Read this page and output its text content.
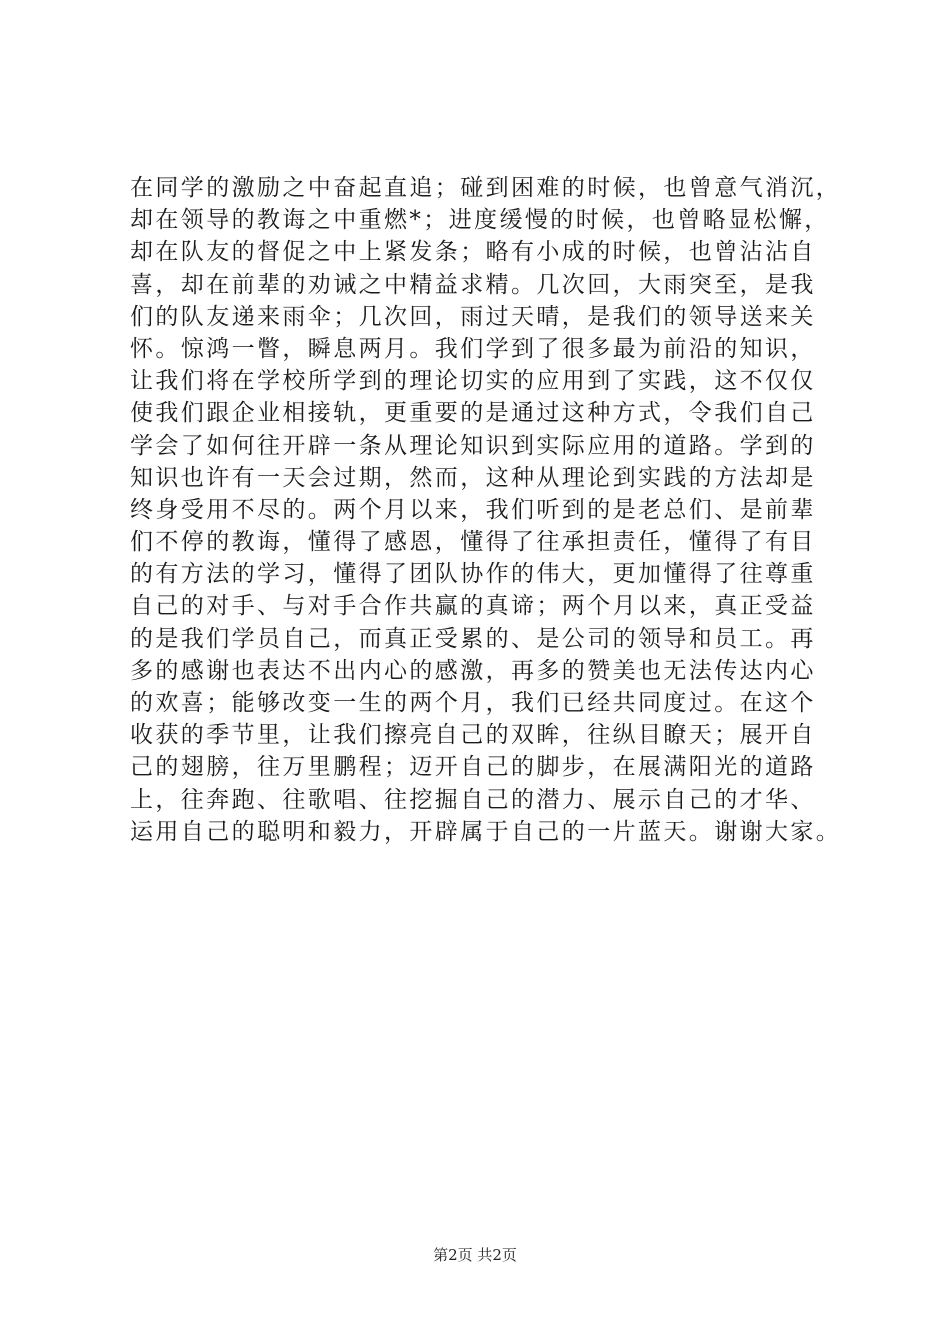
在同学的激励之中奋起直追；碰到困难的时候，也曾意气消沉，
却在领导的教诲之中重燃*；进度缓慢的时候，也曾略显松懈，
却在队友的督促之中上紧发条；略有小成的时候，也曾沾沾自
喜，却在前辈的劝诫之中精益求精。几次回，大雨突至，是我
们的队友递来雨伞；几次回，雨过天晴，是我们的领导送来关
怀。惊鸿一瞥，瞬息两月。我们学到了很多最为前沿的知识，
让我们将在学校所学到的理论切实的应用到了实践，这不仅仅
使我们跟企业相接轨，更重要的是通过这种方式，令我们自己
学会了如何往开辟一条从理论知识到实际应用的道路。学到的
知识也许有一天会过期，然而，这种从理论到实践的方法却是
终身受用不尽的。两个月以来，我们听到的是老总们、是前辈
们不停的教诲，懂得了感恩，懂得了往承担责任，懂得了有目
的有方法的学习，懂得了团队协作的伟大，更加懂得了往尊重
自己的对手、与对手合作共赢的真谛；两个月以来，真正受益
的是我们学员自己，而真正受累的、是公司的领导和员工。再
多的感谢也表达不出内心的感激，再多的赞美也无法传达内心
的欢喜；能够改变一生的两个月，我们已经共同度过。在这个
收获的季节里，让我们擦亮自己的双眸，往纵目瞭天；展开自
己的翅膀，往万里鹏程；迈开自己的脚步，在展满阳光的道路
上，往奔跑、往歌唱、往挖掘自己的潜力、展示自己的才华、
运用自己的聪明和毅力，开辟属于自己的一片蓝天。谢谢大家。
第2页 共2页
